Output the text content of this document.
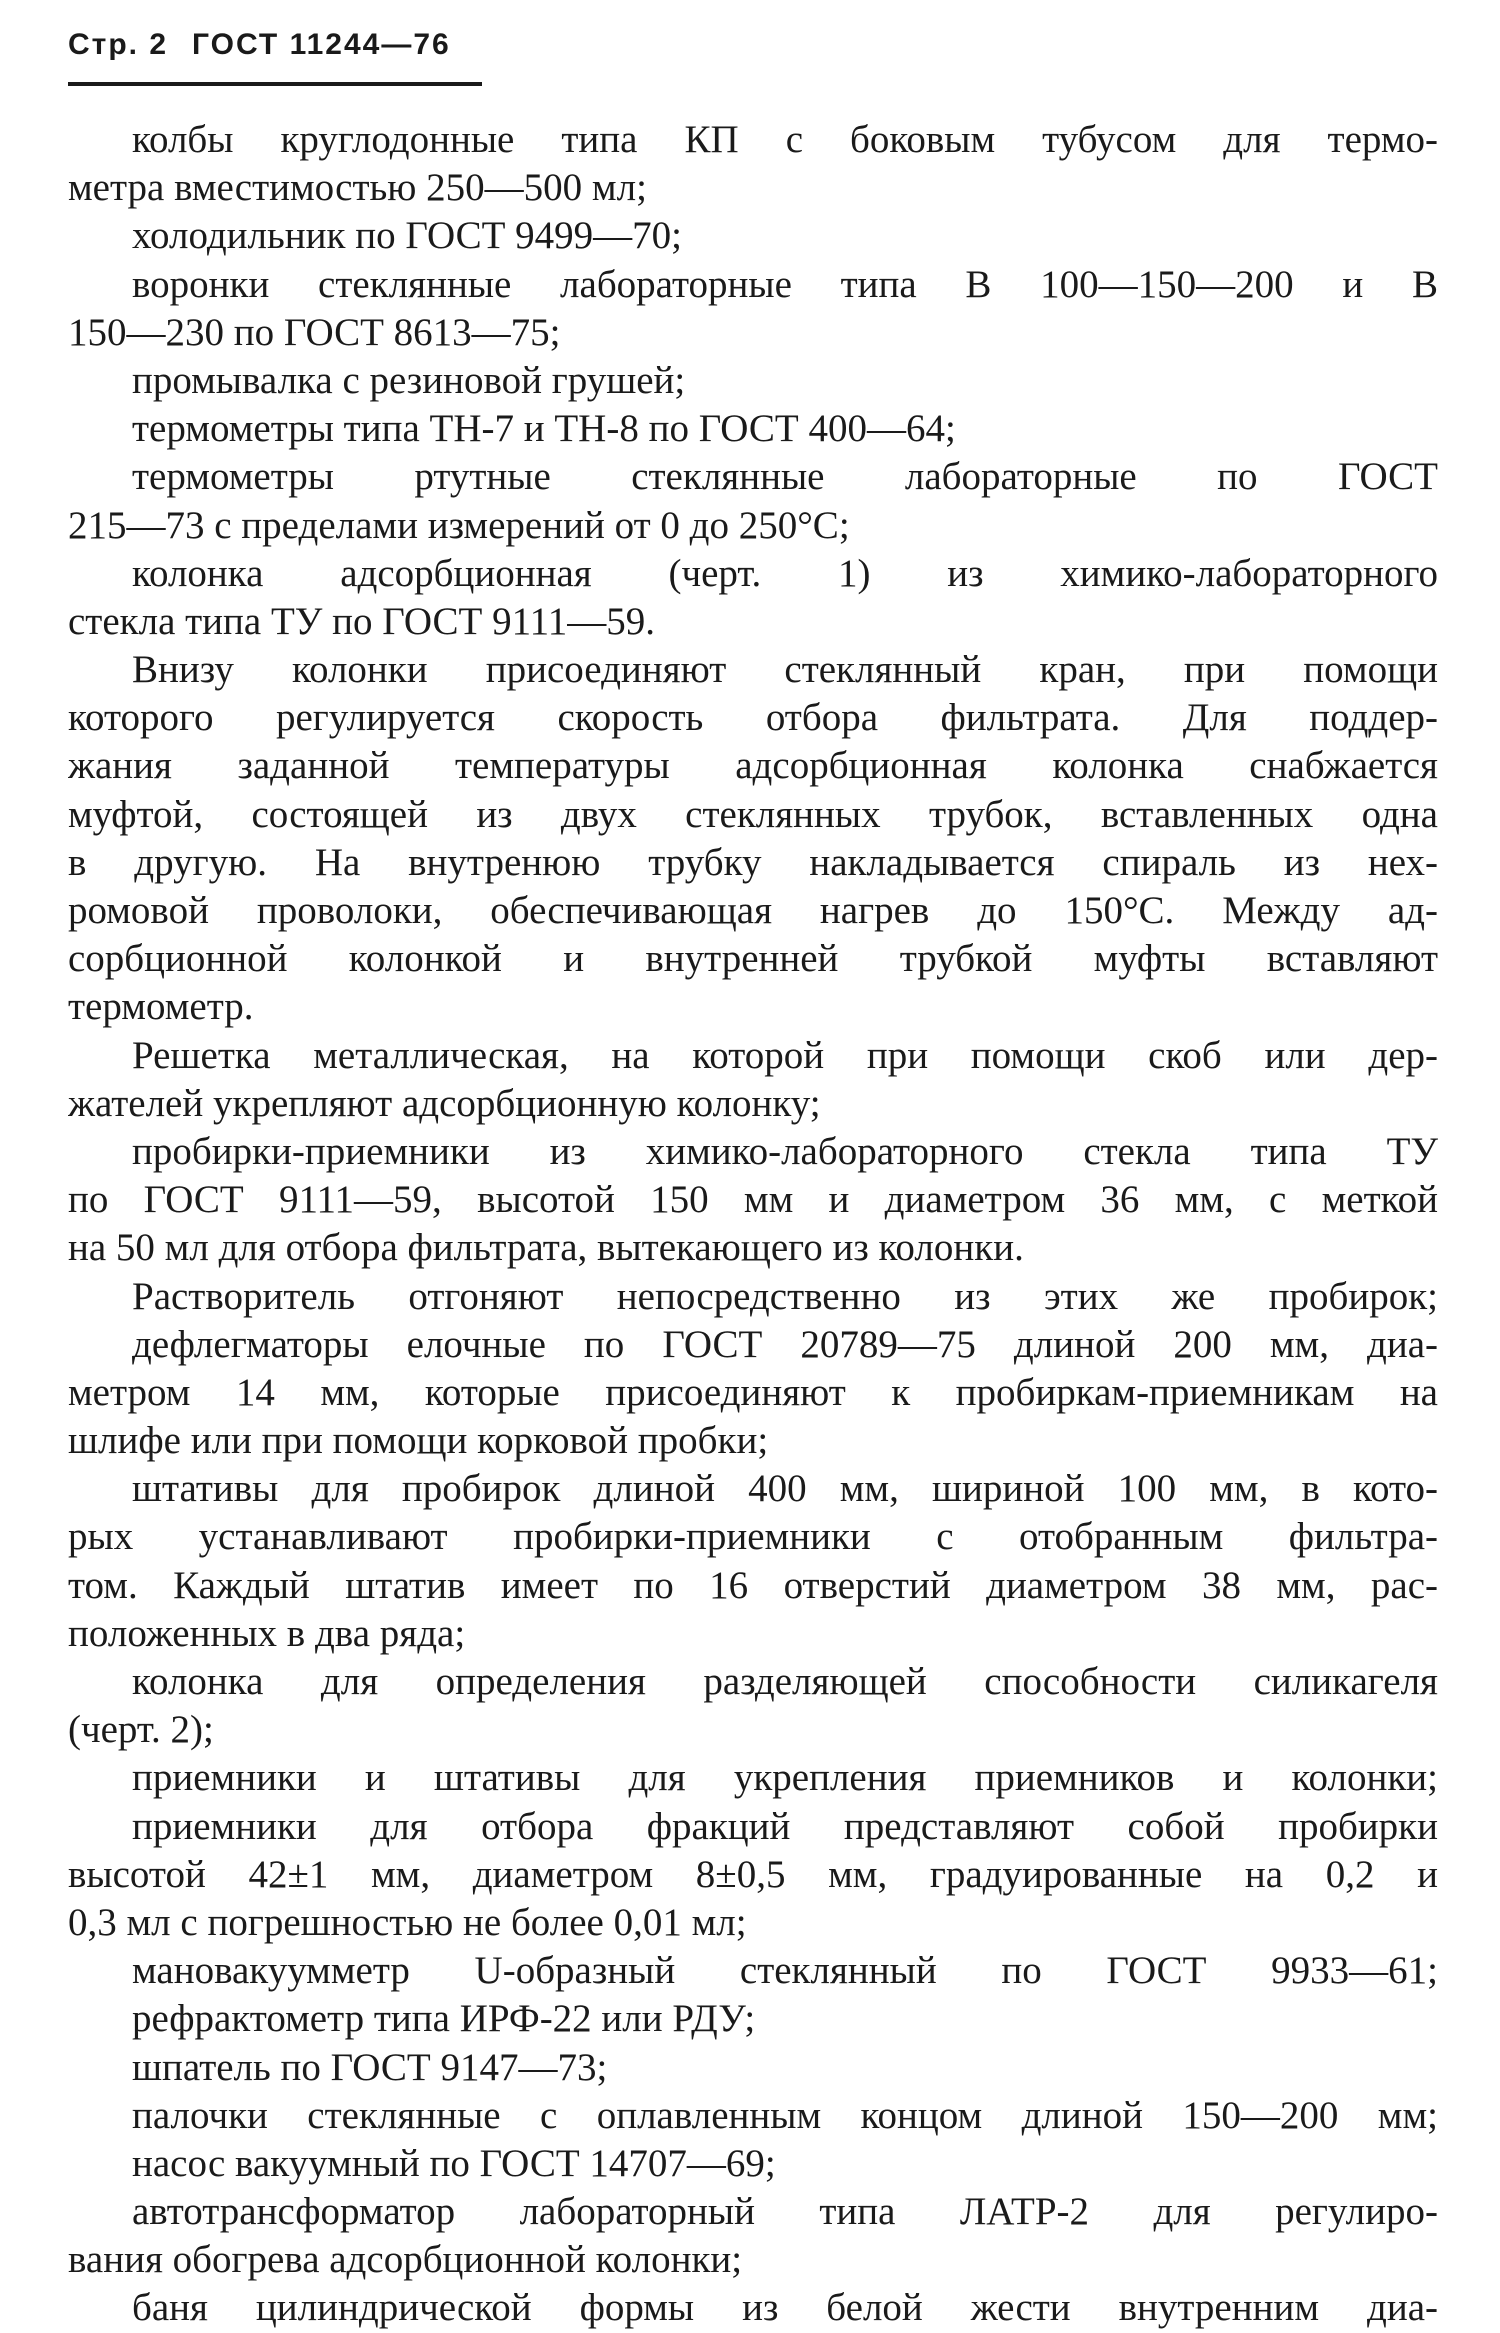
Стр. 2 ГОСТ 11244—76
колбы круглодонные типа КП с боковым тубусом для термо-
метра вместимостью 250—500 мл;
холодильник по ГОСТ 9499—70;
воронки стеклянные лабораторные типа В 100—150—200 и В
150—230 по ГОСТ 8613—75;
промывалка с резиновой грушей;
термометры типа ТН-7 и ТН-8 по ГОСТ 400—64;
термометры ртутные стеклянные лабораторные по ГОСТ
215—73 с пределами измерений от 0 до 250°С;
колонка адсорбционная (черт. 1) из химико-лабораторного
стекла типа ТУ по ГОСТ 9111—59.
Внизу колонки присоединяют стеклянный кран, при помощи
которого регулируется скорость отбора фильтрата. Для поддер-
жания заданной температуры адсорбционная колонка снабжается
муфтой, состоящей из двух стеклянных трубок, вставленных одна
в другую. На внутренюю трубку накладывается спираль из нех-
ромовой проволоки, обеспечивающая нагрев до 150°С. Между ад-
сорбционной колонкой и внутренней трубкой муфты вставляют
термометр.
Решетка металлическая, на которой при помощи скоб или дер-
жателей укрепляют адсорбционную колонку;
пробирки-приемники из химико-лабораторного стекла типа ТУ
по ГОСТ 9111—59, высотой 150 мм и диаметром 36 мм, с меткой
на 50 мл для отбора фильтрата, вытекающего из колонки.
Растворитель отгоняют непосредственно из этих же пробирок;
дефлегматоры елочные по ГОСТ 20789—75 длиной 200 мм, диа-
метром 14 мм, которые присоединяют к пробиркам-приемникам на
шлифе или при помощи корковой пробки;
штативы для пробирок длиной 400 мм, шириной 100 мм, в кото-
рых устанавливают пробирки-приемники с отобранным фильтра-
том. Каждый штатив имеет по 16 отверстий диаметром 38 мм, рас-
положенных в два ряда;
колонка для определения разделяющей способности силикагеля
(черт. 2);
приемники и штативы для укрепления приемников и колонки;
приемники для отбора фракций представляют собой пробирки
высотой 42±1 мм, диаметром 8±0,5 мм, градуированные на 0,2 и
0,3 мл с погрешностью не более 0,01 мл;
мановакуумметр U-образный стеклянный по ГОСТ 9933—61;
рефрактометр типа ИРФ-22 или РДУ;
шпатель по ГОСТ 9147—73;
палочки стеклянные с оплавленным концом длиной 150—200 мм;
насос вакуумный по ГОСТ 14707—69;
автотрансформатор лабораторный типа ЛАТР-2 для регулиро-
вания обогрева адсорбционной колонки;
баня цилиндрической формы из белой жести внутренним диа-
